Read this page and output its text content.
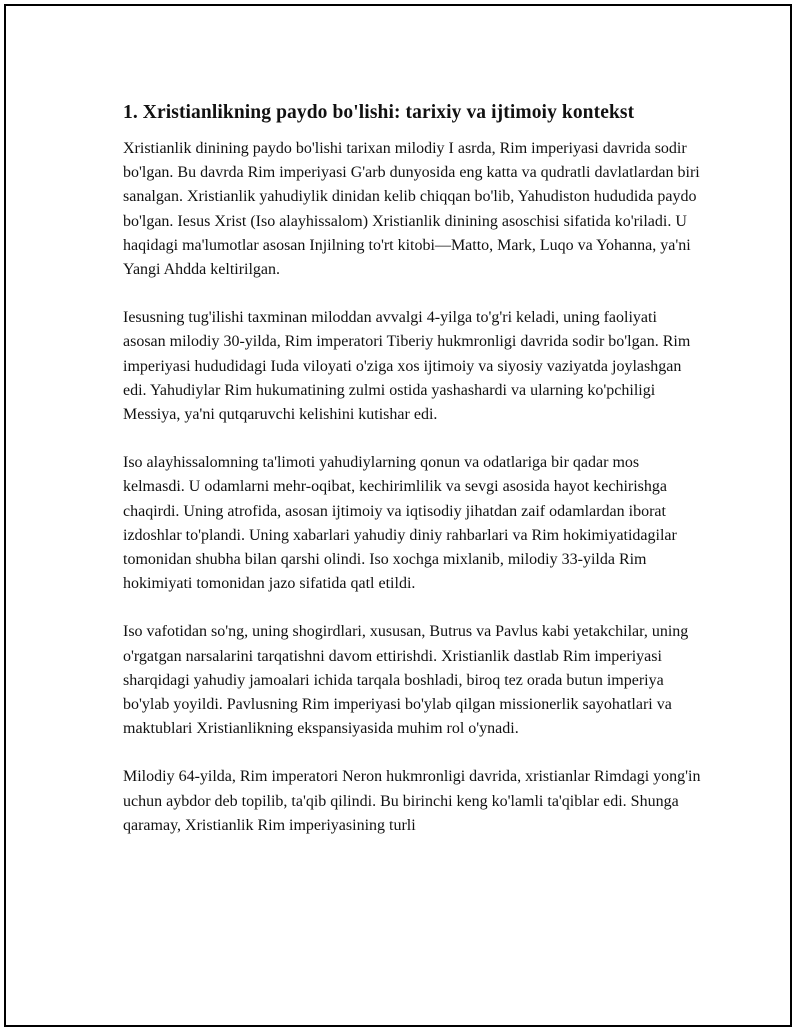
1. Xristianlikning paydo bo'lishi: tarixiy va ijtimoiy kontekst

Xristianlik dinining paydo bo'lishi tarixan milodiy I asrda, Rim imperiyasi davrida sodir bo'lgan. Bu davrda Rim imperiyasi G'arb dunyosida eng katta va qudratli davlatlardan biri sanalgan. Xristianlik yahudiylik dinidan kelib chiqqan bo'lib, Yahudiston hududida paydo bo'lgan. Iesus Xrist (Iso alayhissalom) Xristianlik dinining asoschisi sifatida ko'riladi. U haqidagi ma'lumotlar asosan Injilning to'rt kitobi—Matto, Mark, Luqo va Yohanna, ya'ni Yangi Ahdda keltirilgan.

Iesusning tug'ilishi taxminan miloddan avvalgi 4-yilga to'g'ri keladi, uning faoliyati asosan milodiy 30-yilda, Rim imperatori Tiberiy hukmronligi davrida sodir bo'lgan. Rim imperiyasi hududidagi Iuda viloyati o'ziga xos ijtimoiy va siyosiy vaziyatda joylashgan edi. Yahudiylar Rim hukumatining zulmi ostida yashashardi va ularning ko'pchiligi Messiya, ya'ni qutqaruvchi kelishini kutishar edi.

Iso alayhissalomning ta'limoti yahudiylarning qonun va odatlariga bir qadar mos kelmasdi. U odamlarni mehr-oqibat, kechirimlilik va sevgi asosida hayot kechirishga chaqirdi. Uning atrofida, asosan ijtimoiy va iqtisodiy jihatdan zaif odamlardan iborat izdoshlar to'plandi. Uning xabarlari yahudiy diniy rahbarlari va Rim hokimiyatidagilar tomonidan shubha bilan qarshi olindi. Iso xochga mixlanib, milodiy 33-yilda Rim hokimiyati tomonidan jazo sifatida qatl etildi.

Iso vafotidan so'ng, uning shogirdlari, xususan, Butrus va Pavlus kabi yetakchilar, uning o'rgatgan narsalarini tarqatishni davom ettirishdi. Xristianlik dastlab Rim imperiyasi sharqidagi yahudiy jamoalari ichida tarqala boshladi, biroq tez orada butun imperiya bo'ylab yoyildi. Pavlusning Rim imperiyasi bo'ylab qilgan missionerlik sayohatlari va maktublari Xristianlikning ekspansiyasida muhim rol o'ynadi.

Milodiy 64-yilda, Rim imperatori Neron hukmronligi davrida, xristianlar Rimdagi yong'in uchun aybdor deb topilib, ta'qib qilindi. Bu birinchi keng ko'lamli ta'qiblar edi. Shunga qaramay, Xristianlik Rim imperiyasining turli
